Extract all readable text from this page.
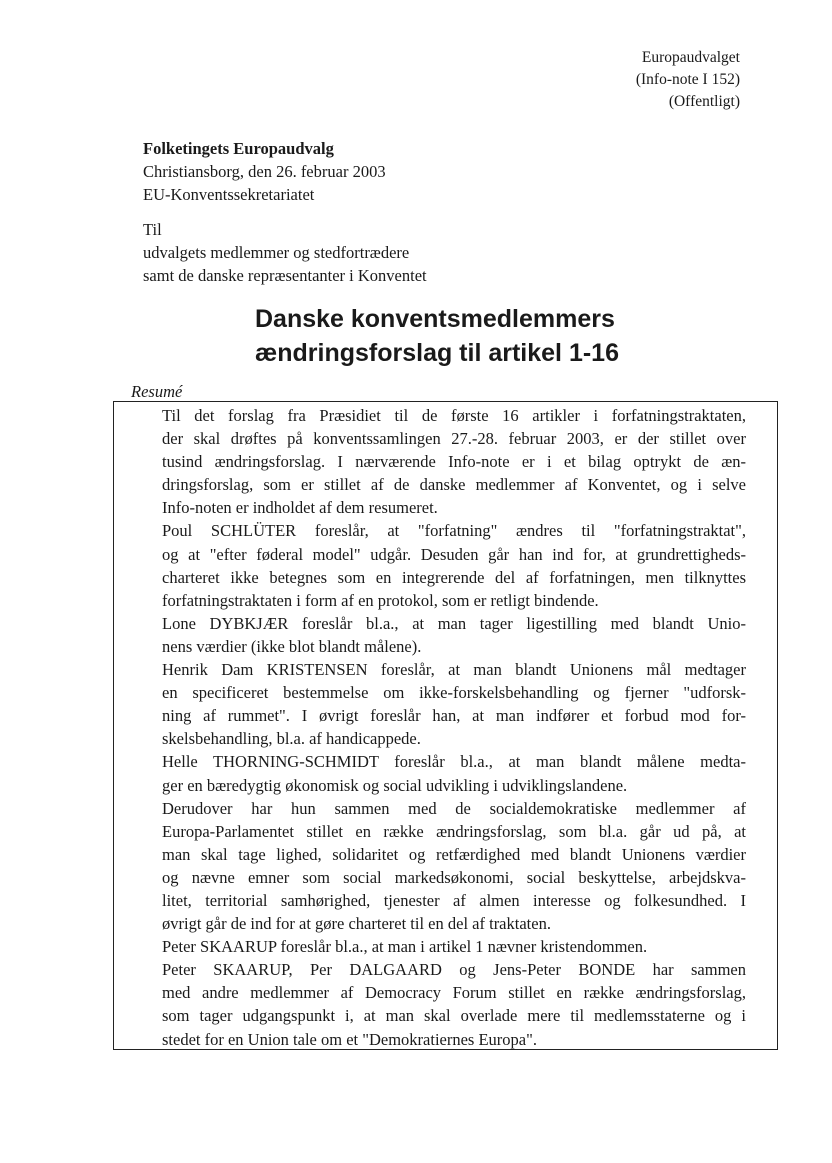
Europaudvalget
(Info-note I 152)
(Offentligt)
Folketingets Europaudvalg
Christiansborg, den 26. februar 2003
EU-Konventssekretariatet
Til
udvalgets medlemmer og stedfortrædere
samt de danske repræsentanter i Konventet
Danske konventsmedlemmers
ændringsforslag til artikel 1-16
Resumé

Til det forslag fra Præsidiet til de første 16 artikler i forfatningstraktaten,
der skal drøftes på konventssamlingen 27.-28. februar 2003, er der stillet over
tusind ændringsforslag. I nærværende Info-note er i et bilag optrykt de æn-
dringsforslag, som er stillet af de danske medlemmer af Konventet, og i selve
Info-noten er indholdet af dem resumeret.

Poul SCHLÜTER foreslår, at "forfatning" ændres til "forfatningstraktat",
og at "efter føderal model" udgår. Desuden går han ind for, at grundrettigheds-
charteret ikke betegnes som en integrerende del af forfatningen, men tilknyttes
forfatningstraktaten i form af en protokol, som er retligt bindende.

Lone DYBKJÆR foreslår bl.a., at man tager ligestilling med blandt Unio-
nens værdier (ikke blot blandt målene).

Henrik Dam KRISTENSEN foreslår, at man blandt Unionens mål medtager
en specificeret bestemmelse om ikke-forskelsbehandling og fjerner "udforsk-
ning af rummet". I øvrigt foreslår han, at man indfører et forbud mod for-
skelsbehandling, bl.a. af handicappede.

Helle THORNING-SCHMIDT foreslår bl.a., at man blandt målene medta-
ger en bæredygtig økonomisk og social udvikling i udviklingslandene.

Derudover har hun sammen med de socialdemokratiske medlemmer af
Europa-Parlamentet stillet en række ændringsforslag, som bl.a. går ud på, at
man skal tage lighed, solidaritet og retfærdighed med blandt Unionens værdier
og nævne emner som social markedsøkonomi, social beskyttelse, arbejdskva-
litet, territorial samhørighed, tjenester af almen interesse og folkesundhed. I
øvrigt går de ind for at gøre charteret til en del af traktaten.

Peter SKAARUP foreslår bl.a., at man i artikel 1 nævner kristendommen.

Peter SKAARUP, Per DALGAARD og Jens-Peter BONDE har sammen
med andre medlemmer af Democracy Forum stillet en række ændringsforslag,
som tager udgangspunkt i, at man skal overlade mere til medlemsstaterne og i
stedet for en Union tale om et "Demokratiernes Europa".
